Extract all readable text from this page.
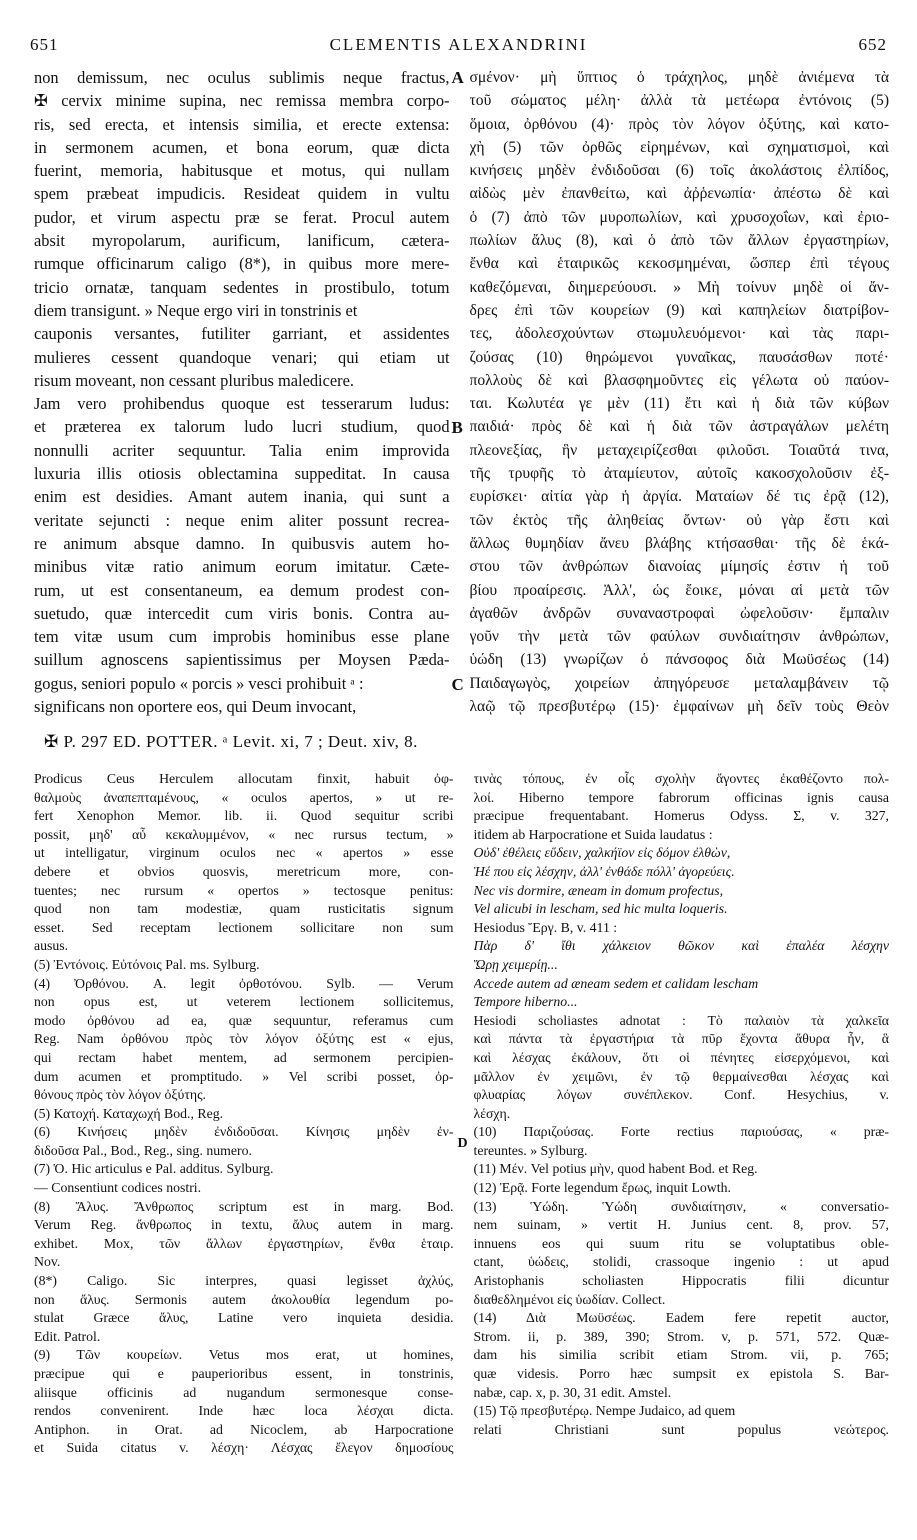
651	CLEMENTIS ALEXANDRINI	652
non demissum, nec oculus sublimis neque fractus,
✠ cervix minime supina, nec remissa membra corpo-
ris, sed erecta, et intensis similia, et erecte extensa:
in sermonem acumen, et bona eorum, quæ dicta
fuerint, memoria, habitusque et motus, qui nullam
spem præbeat impudicis. Resideat quidem in vultu
pudor, et virum aspectu præ se ferat. Procul autem
absit myropolarum, aurificum, lanificum, cætera-
rumque officinarum caligo (8*), in quibus more mere-
tricio ornatæ, tanquam sedentes in prostibulo, totum
diem transigunt. » Neque ergo viri in tonstrinis et
cauponis versantes, futiliter garriant, et assidentes
mulieres cessent quandoque venari; qui etiam ut
risum moveant, non cessant pluribus maledicere.
Jam vero prohibendus quoque est tesserarum ludus:
et præterea ex talorum ludo lucri studium, quod
nonnulli acriter sequuntur. Talia enim improvida
luxuria illis otiosis oblectamina suppeditat. In causa
enim est desidies. Amant autem inania, qui sunt a
veritate sejuncti : neque enim aliter possunt recrea-
re animum absque damno. In quibusvis autem ho-
minibus vitæ ratio animum eorum imitatur. Cæte-
rum, ut est consentaneum, ea demum prodest con-
suetudo, quæ intercedit cum viris bonis. Contra au-
tem vitæ usum cum improbis hominibus esse plane
suillum agnoscens sapientissimus per Moysen Pæda-
gogus, seniori populo « porcis » vesci prohibuit ᵃ :
significans non oportere eos, qui Deum invocant,
A
B
C
σμένον· μὴ ὕπτιος ὁ τράχηλος, μηδὲ ἀνιέμενα τὰ
τοῦ σώματος μέλη· ἀλλὰ τὰ μετέωρα ἐντόνοις (5)
ὅμοια, ὀρθόνου (4)· πρὸς τὸν λόγον ὀξύτης, καὶ κατο-
χὴ (5) τῶν ὀρθῶς εἰρημένων, καὶ σχηματισμοὶ, καὶ
κινήσεις μηδὲν ἐνδιδοῦσαι (6) τοῖς ἀκολάστοις ἐλπίδος,
αἰδὼς μὲν ἐπανθείτω, καὶ ἀῤῥενωπία· ἀπέστω δὲ καὶ
ὁ (7) ἀπὸ τῶν μυροπωλίων, καὶ χρυσοχοΐων, καὶ ἐριο-
πωλίων ἄλυς (8), καὶ ὁ ἀπὸ τῶν ἄλλων ἐργαστηρίων,
ἔνθα καὶ ἑταιρικῶς κεκοσμημέναι, ὥσπερ ἐπὶ τέγους
καθεζόμεναι, διημερεύουσι. » Μὴ τοίνυν μηδὲ οἱ ἄν-
δρες ἐπὶ τῶν κουρείων (9) καὶ καπηλείων διατρίβον-
τες, ἀδολεσχούντων στωμυλευόμενοι· καὶ τὰς παρι-
ζούσας (10) θηρώμενοι γυναῖκας, παυσάσθων ποτέ·
πολλοὺς δὲ καὶ βλασφημοῦντες εἰς γέλωτα οὐ παύον-
ται. Κωλυτέα γε μὲν (11) ἔτι καὶ ἡ διὰ τῶν κύβων
παιδιά· πρὸς δὲ καὶ ἡ διὰ τῶν ἀστραγάλων μελέτη
πλεονεξίας, ἣν μεταχειρίζεσθαι φιλοῦσι. Τοιαῦτά τινα,
τῆς τρυφῆς τὸ ἀταμίευτον, αὐτοῖς κακοσχολοῦσιν ἐξ-
ευρίσκει· αἰτία γὰρ ἡ ἀργία. Ματαίων δέ τις ἐρᾷ (12),
τῶν ἐκτὸς τῆς ἀληθείας ὄντων· οὐ γὰρ ἔστι καὶ
ἄλλως θυμηδίαν ἄνευ βλάβης κτήσασθαι· τῆς δὲ ἑκά-
στου τῶν ἀνθρώπων διανοίας μίμησίς ἐστιν ἡ τοῦ
βίου προαίρεσις. Ἀλλ', ὡς ἔοικε, μόναι αἱ μετὰ τῶν
ἀγαθῶν ἀνδρῶν συναναστροφαὶ ὠφελοῦσιν· ἔμπαλιν
γοῦν τὴν μετὰ τῶν φαύλων συνδιαίτησιν ἀνθρώπων,
ὑώδη (13) γνωρίζων ὁ πάνσοφος διὰ Μωϋσέως (14)
Παιδαγωγὸς, χοιρείων ἀπηγόρευσε μεταλαμβάνειν τῷ
λαῷ τῷ πρεσβυτέρῳ (15)· ἐμφαίνων μὴ δεῖν τοὺς Θεὸν
✠ P. 297 ED. POTTER. ᵃ Levit. xi, 7 ; Deut. xiv, 8.
Prodicus Ceus Herculem allocutam finxit, habuit ὀφ-
θαλμοὺς ἀναπεπταμένους, « oculos apertos, » ut re-
fert Xenophon Memor. lib. ii. Quod sequitur scribi
possit, μηδ' αὖ κεκαλυμμένον, « nec rursus tectum, »
ut intelligatur, virginum oculos nec « apertos » esse
debere et obvios quosvis, meretricum more, con-
tuentes; nec rursum « opertos » tectosque penitus:
quod non tam modestiæ, quam rusticitatis signum
esset. Sed receptam lectionem sollicitare non sum
ausus.
(5) Ἐντόνοις. Εὐτόνοις Pal. ms. Sylburg.
(4) Ὀρθόνου. A. legit ὀρθοτόνου. Sylb. — Verum
non opus est, ut veterem lectionem sollicitemus,
modo ὀρθόνου ad ea, quæ sequuntur, referamus cum
Reg. Nam ὀρθόνου πρὸς τὸν λόγον ὀξύτης est « ejus,
qui rectam habet mentem, ad sermonem percipien-
dum acumen et promptitudo. » Vel scribi posset, ὀρ-
θόνους πρὸς τὸν λόγον ὀξύτης.
(5) Κατοχή. Καταχωχή Bod., Reg.
(6) Κινήσεις μηδὲν ἐνδιδοῦσαι. Κίνησις μηδὲν ἐν-
διδοῦσα Pal., Bod., Reg., sing. numero.
(7) Ὁ. Hic articulus e Pal. additus. Sylburg.
— Consentiunt codices nostri.
(8) Ἄλυς. Ἄνθρωπος scriptum est in marg. Bod.
Verum Reg. ἄνθρωπος in textu, ἄλυς autem in marg.
exhibet. Mox, τῶν ἄλλων ἐργαστηρίων, ἔνθα ἑταιρ.
Nov.
(8*) Caligo. Sic interpres, quasi legisset ἀχλύς,
non ἄλυς. Sermonis autem ἀκολουθία legendum po-
stulat Græce ἄλυς, Latine vero inquieta desidia.
Edit. Patrol.
(9) Τῶν κουρείων. Vetus mos erat, ut homines,
præcipue qui e pauperioribus essent, in tonstrinis,
aliisque officinis ad nugandum sermonesque conse-
rendos convenirent. Inde hæc loca λέσχαι dicta.
Antiphon. in Orat. ad Nicoclem, ab Harpocratione
et Suida citatus v. λέσχη· Λέσχας ἔλεγον δημοσίους
D
τινὰς τόπους, ἐν οἷς σχολὴν ἄγοντες ἐκαθέζοντο πολ-
λοί. Hiberno tempore fabrorum officinas ignis causa
præcipue frequentabant. Homerus Odyss. Σ, v. 327,
itidem ab Harpocratione et Suida laudatus :
Οὐδ' ἐθέλεις εὕδειν, χαλκήϊον εἰς δόμον ἐλθὼν,
Ἠέ που εἰς λέσχην, ἀλλ' ἐνθάδε πόλλ' ἀγορεύεις.
Nec vis dormire, æneam in domum profectus,
Vel alicubi in lescham, sed hic multa loqueris.
Hesiodus Ἔργ. B, v. 411 :
Πὰρ δ' ἴθι χάλκειον θῶκον καὶ ἐπαλέα λέσχην
Ὥρῃ χειμερίῃ...
Accede autem ad æneam sedem et calidam lescham
Tempore hiberno...
Hesiodi scholiastes adnotat : Τὸ παλαιὸν τὰ χαλκεῖα
καὶ πάντα τὰ ἐργαστήρια τὰ πῦρ ἔχοντα ἄθυρα ἦν, ἃ
καὶ λέσχας ἐκάλουν, ὅτι οἱ πένητες εἰσερχόμενοι, καὶ
μᾶλλον ἐν χειμῶνι, ἐν τῷ θερμαίνεσθαι λέσχας καὶ
φλυαρίας λόγων συνέπλεκον. Conf. Hesychius, v.
λέσχη.
(10) Παριζούσας. Forte rectius παριούσας, « præ-
tereuntes. » Sylburg.
(11) Μέν. Vel potius μὴν, quod habent Bod. et Reg.
(12) Ἐρᾷ. Forte legendum ἔρως, inquit Lowth.
(13) Ὑώδη. Ὑώδη συνδιαίτησιν, « conversatio-
nem suinam, » vertit H. Junius cent. 8, prov. 57,
innuens eos qui suum ritu se voluptatibus oble-
ctant, ὑώδεις, stolidi, crassoque ingenio : ut apud
Aristophanis scholiasten Hippocratis filii dicuntur
διαθεδλημένοι εἰς ὑωδίαν. Collect.
(14) Διὰ Μωϋσέως. Eadem fere repetit auctor,
Strom. ii, p. 389, 390; Strom. v, p. 571, 572. Quæ-
dam his similia scribit etiam Strom. vii, p. 765;
quæ videsis. Porro hæc sumpsit ex epistola S. Bar-
nabæ, cap. x, p. 30, 31 edit. Amstel.
(15) Τῷ πρεσβυτέρῳ. Nempe Judaico, ad quem
relati Christiani sunt populus νεώτερος.
